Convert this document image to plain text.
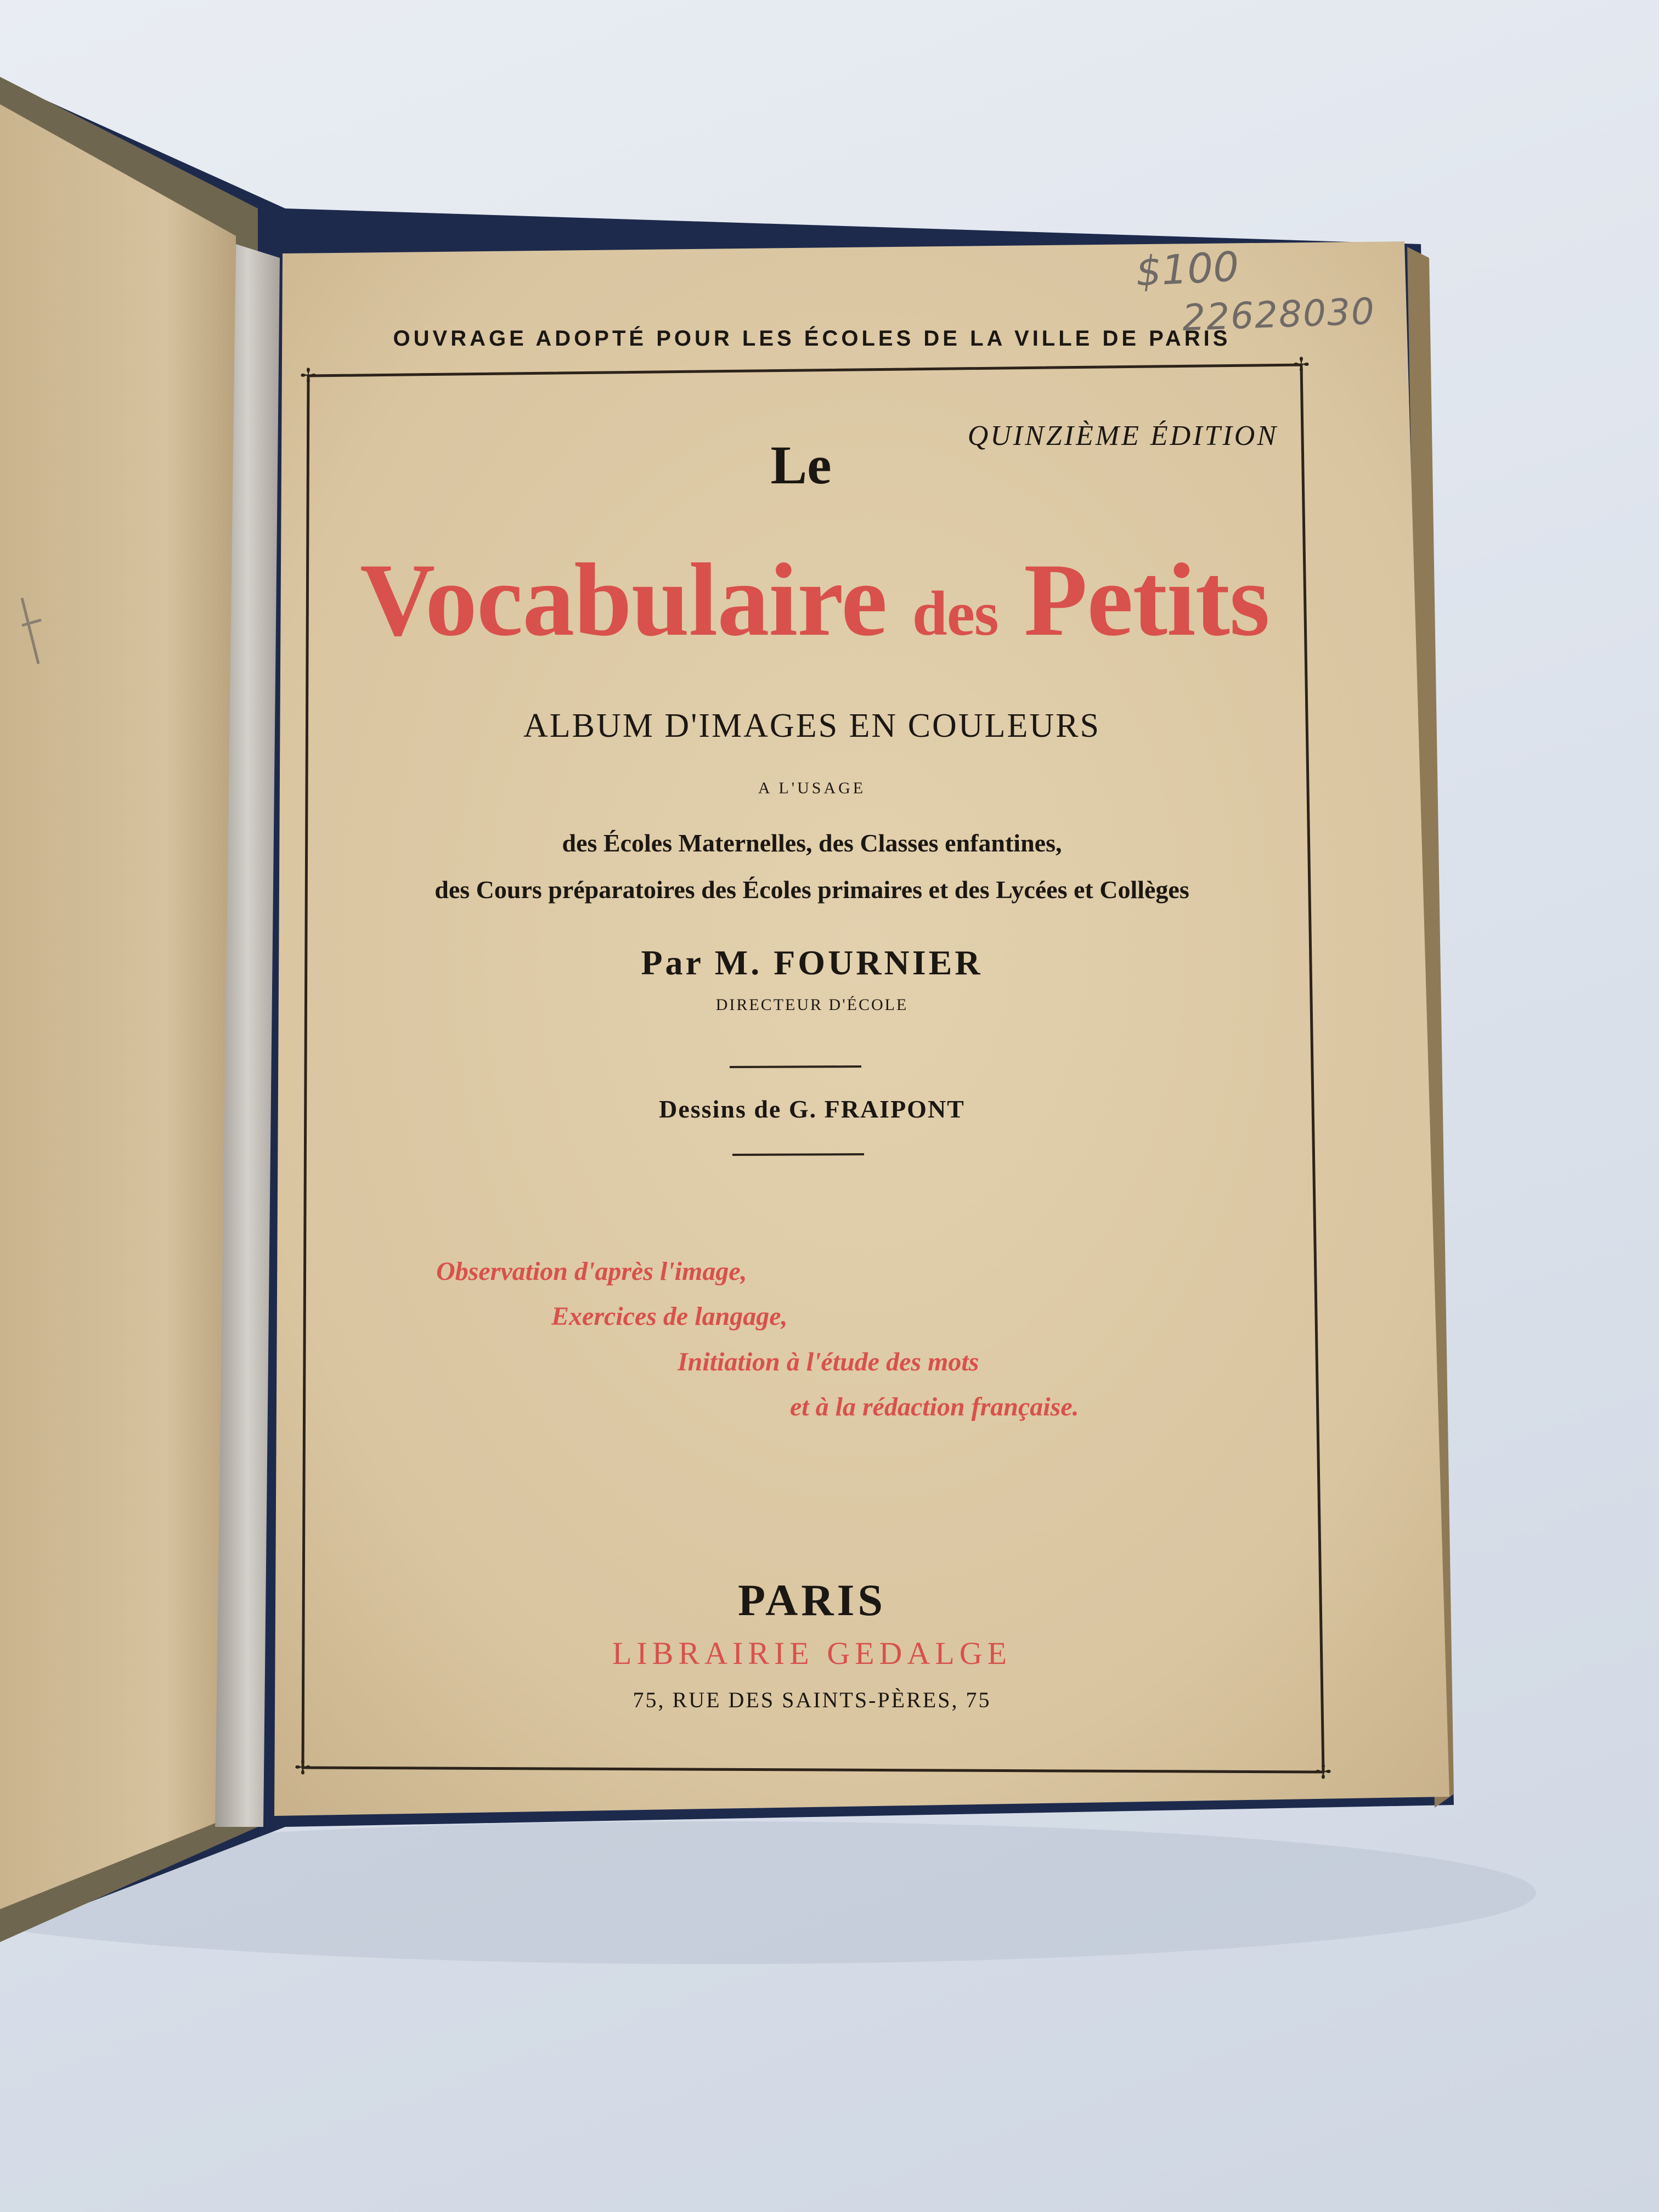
✢	✢
✢
✢
OUVRAGE ADOPTÉ POUR LES ÉCOLES DE LA VILLE DE PARIS
QUINZIÈME ÉDITION
Le
Vocabulaire des Petits
ALBUM D'IMAGES EN COULEURS
A L'USAGE
des Écoles Maternelles, des Classes enfantines,
des Cours préparatoires des Écoles primaires et des Lycées et Collèges
Par M. FOURNIER
DIRECTEUR D'ÉCOLE
Dessins de G. FRAIPONT
Observation d'après l'image,
Exercices de langage,
Initiation à l'étude des mots
et à la rédaction française.
PARIS
LIBRAIRIE GEDALGE
75, RUE DES SAINTS-PÈRES, 75
$100
22628030
